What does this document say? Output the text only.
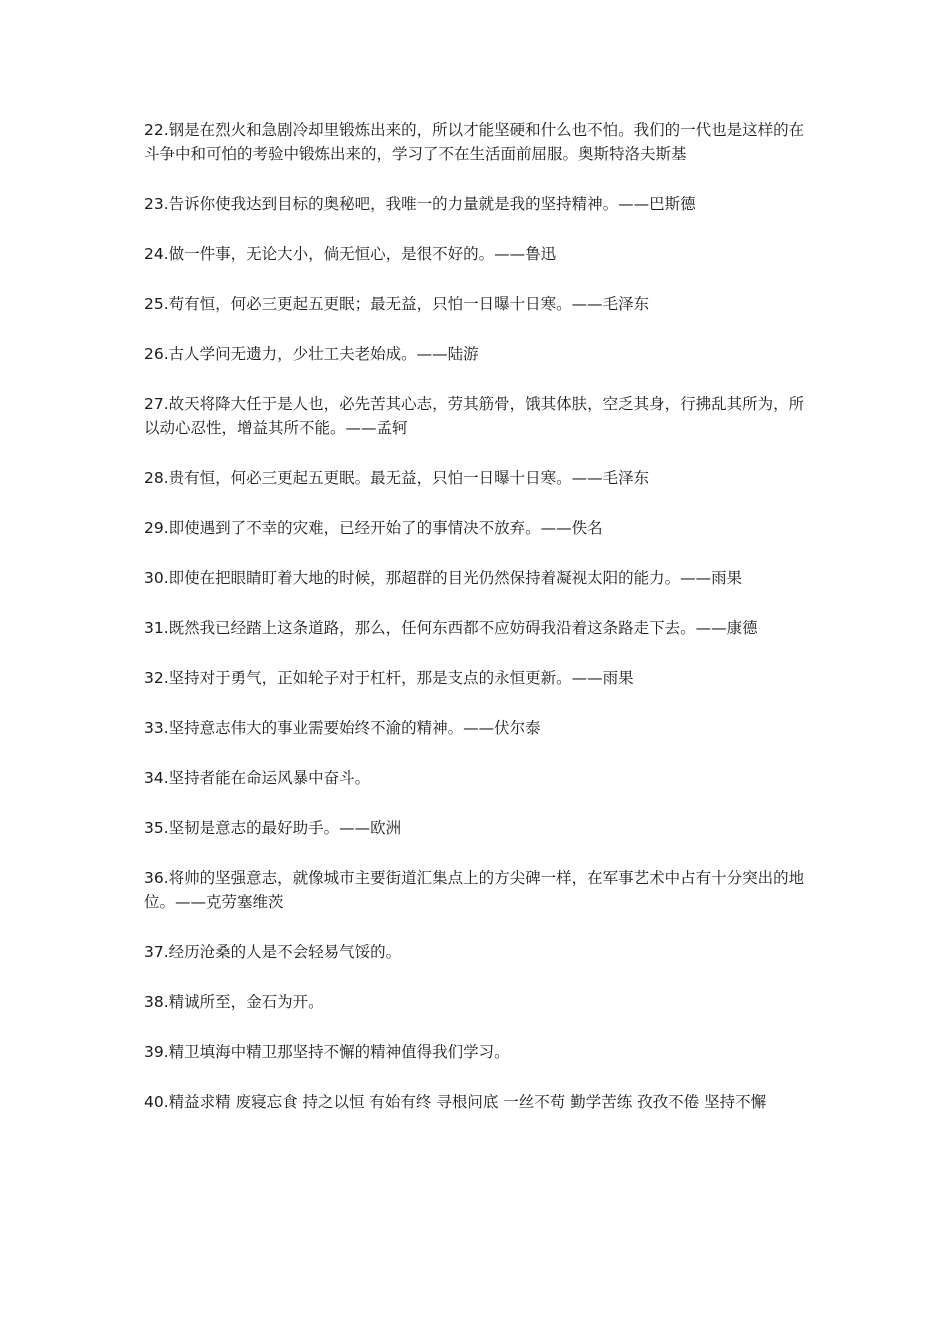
22.钢是在烈火和急剧冷却里锻炼出来的，所以才能坚硬和什么也不怕。我们的一代也是这样的在斗争中和可怕的考验中锻炼出来的，学习了不在生活面前屈服。奥斯特洛夫斯基

23.告诉你使我达到目标的奥秘吧，我唯一的力量就是我的坚持精神。——巴斯德

24.做一件事，无论大小，倘无恒心，是很不好的。——鲁迅

25.苟有恒，何必三更起五更眠；最无益，只怕一日曝十日寒。——毛泽东

26.古人学问无遗力，少壮工夫老始成。——陆游

27.故天将降大任于是人也，必先苦其心志，劳其筋骨，饿其体肤，空乏其身，行拂乱其所为，所以动心忍性，增益其所不能。——孟轲

28.贵有恒，何必三更起五更眠。最无益，只怕一日曝十日寒。——毛泽东

29.即使遇到了不幸的灾难，已经开始了的事情决不放弃。——佚名

30.即使在把眼睛盯着大地的时候，那超群的目光仍然保持着凝视太阳的能力。——雨果

31.既然我已经踏上这条道路，那么，任何东西都不应妨碍我沿着这条路走下去。——康德

32.坚持对于勇气，正如轮子对于杠杆，那是支点的永恒更新。——雨果

33.坚持意志伟大的事业需要始终不渝的精神。——伏尔泰

34.坚持者能在命运风暴中奋斗。

35.坚韧是意志的最好助手。——欧洲

36.将帅的坚强意志，就像城市主要街道汇集点上的方尖碑一样，在军事艺术中占有十分突出的地位。——克劳塞维茨

37.经历沧桑的人是不会轻易气馁的。

38.精诚所至，金石为开。

39.精卫填海中精卫那坚持不懈的精神值得我们学习。

40.精益求精 废寝忘食 持之以恒 有始有终 寻根问底 一丝不苟 勤学苦练 孜孜不倦 坚持不懈
